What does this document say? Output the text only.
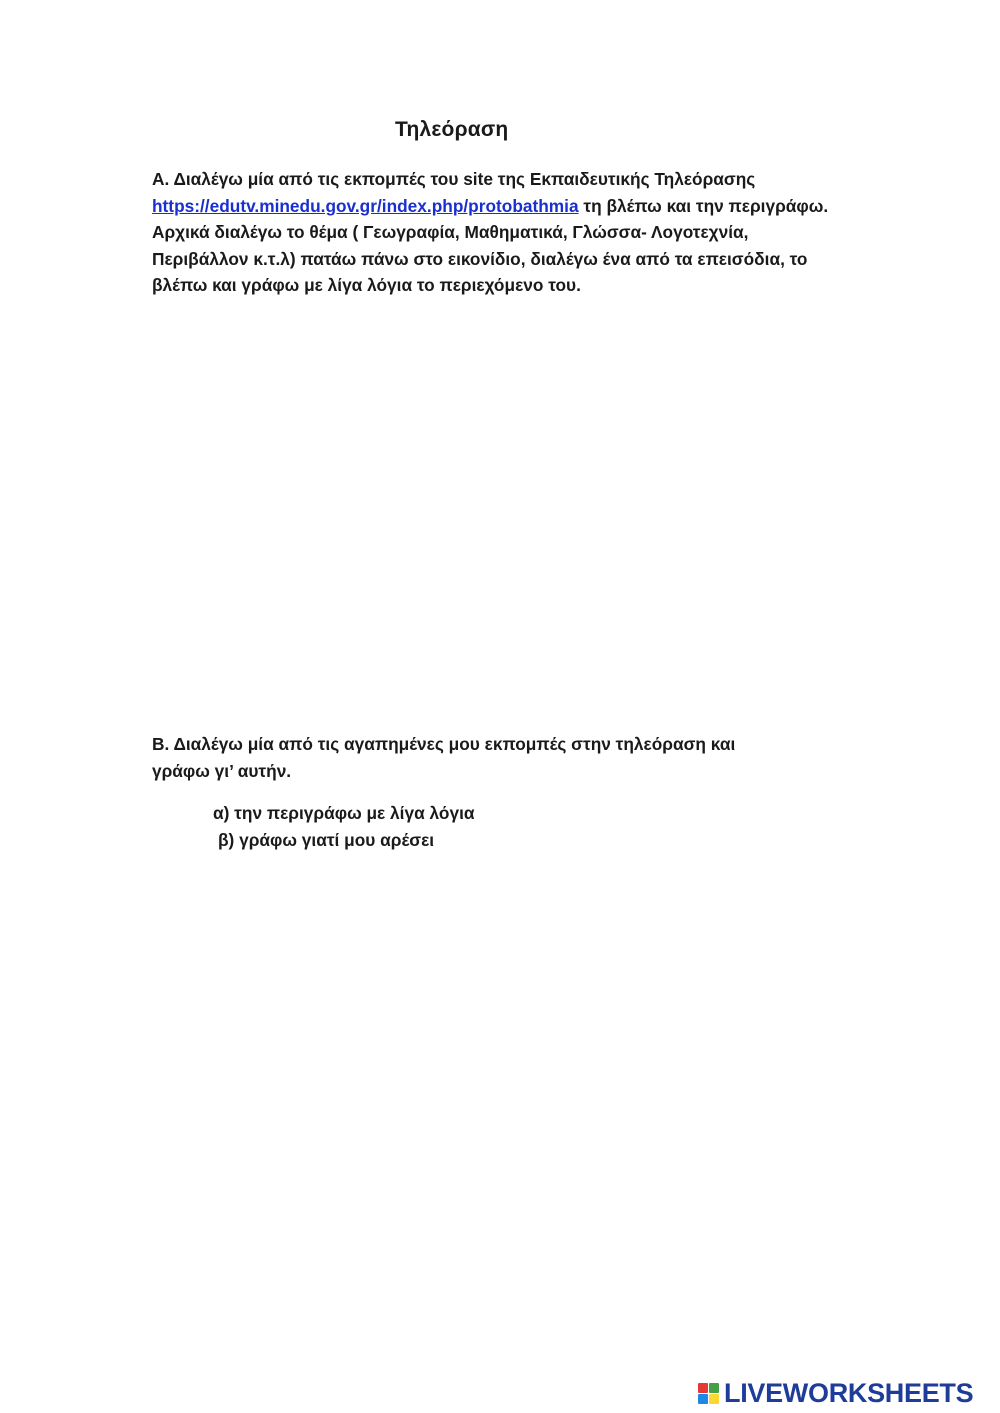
Τηλεόραση

Α. Διαλέγω μία από τις εκπομπές του site της Εκπαιδευτικής Τηλεόρασης https://edutv.minedu.gov.gr/index.php/protobathmia τη βλέπω και την περιγράφω. Αρχικά διαλέγω το θέμα ( Γεωγραφία, Μαθηματικά, Γλώσσα- Λογοτεχνία, Περιβάλλον κ.τ.λ) πατάω πάνω στο εικονίδιο, διαλέγω ένα από τα επεισόδια, το βλέπω και γράφω με λίγα λόγια το περιεχόμενο του.

Β. Διαλέγω μία από τις αγαπημένες μου εκπομπές στην τηλεόραση και

γράφω γι’ αυτήν.

α) την περιγράφω με λίγα λόγια
β) γράφω γιατί μου αρέσει
LIVEWORKSHEETS
